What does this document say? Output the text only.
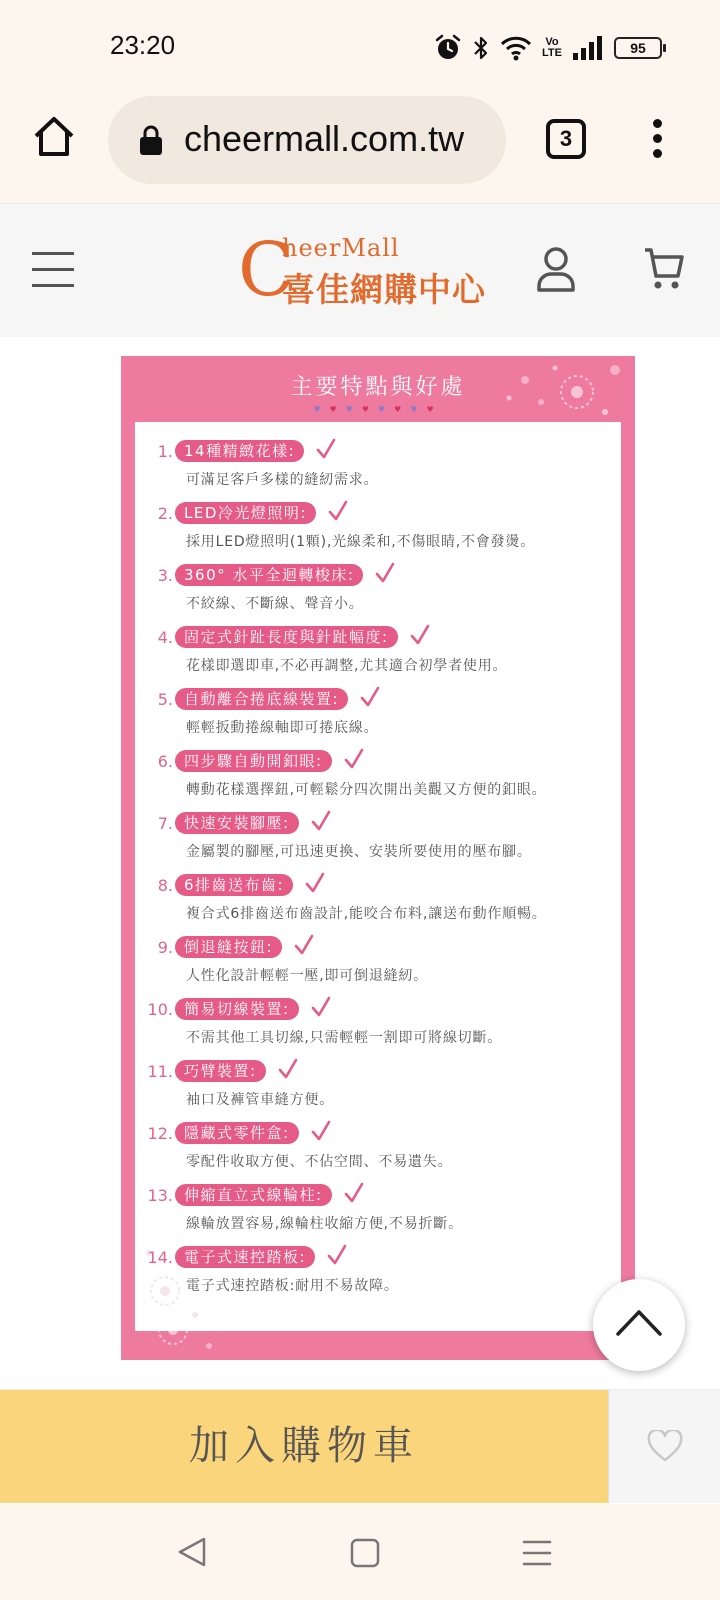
23:20	Vo
LTE	95
cheermall.com.tw	3
C
heerMall
喜佳網購中心
主要特點與好處
♥♥♥♥♥♥♥♥
1. 14種精緻花樣:
可滿足客戶多樣的縫紉需求。
2. LED冷光燈照明:
採用LED燈照明(1顆),光線柔和,不傷眼睛,不會發燙。
3. 360° 水平全迴轉梭床:
不絞線、不斷線、聲音小。
4. 固定式針趾長度與針趾幅度:
花樣即選即車,不必再調整,尤其適合初學者使用。
5. 自動離合捲底線裝置:
輕輕扳動捲線軸即可捲底線。
6. 四步驟自動開釦眼:
轉動花樣選擇鈕,可輕鬆分四次開出美觀又方便的釦眼。
7. 快速安裝腳壓:
金屬製的腳壓,可迅速更換、安裝所要使用的壓布腳。
8. 6排齒送布齒:
複合式6排齒送布齒設計,能咬合布料,讓送布動作順暢。
9. 倒退縫按鈕:
人性化設計輕輕一壓,即可倒退縫紉。
10. 簡易切線裝置:
不需其他工具切線,只需輕輕一割即可將線切斷。
11. 巧臂裝置:
袖口及褲管車縫方便。
12. 隱藏式零件盒:
零配件收取方便、不佔空間、不易遺失。
13. 伸縮直立式線輪柱:
線輪放置容易,線輪柱收縮方便,不易折斷。
14. 電子式速控踏板:
電子式速控踏板:耐用不易故障。
加入購物車
